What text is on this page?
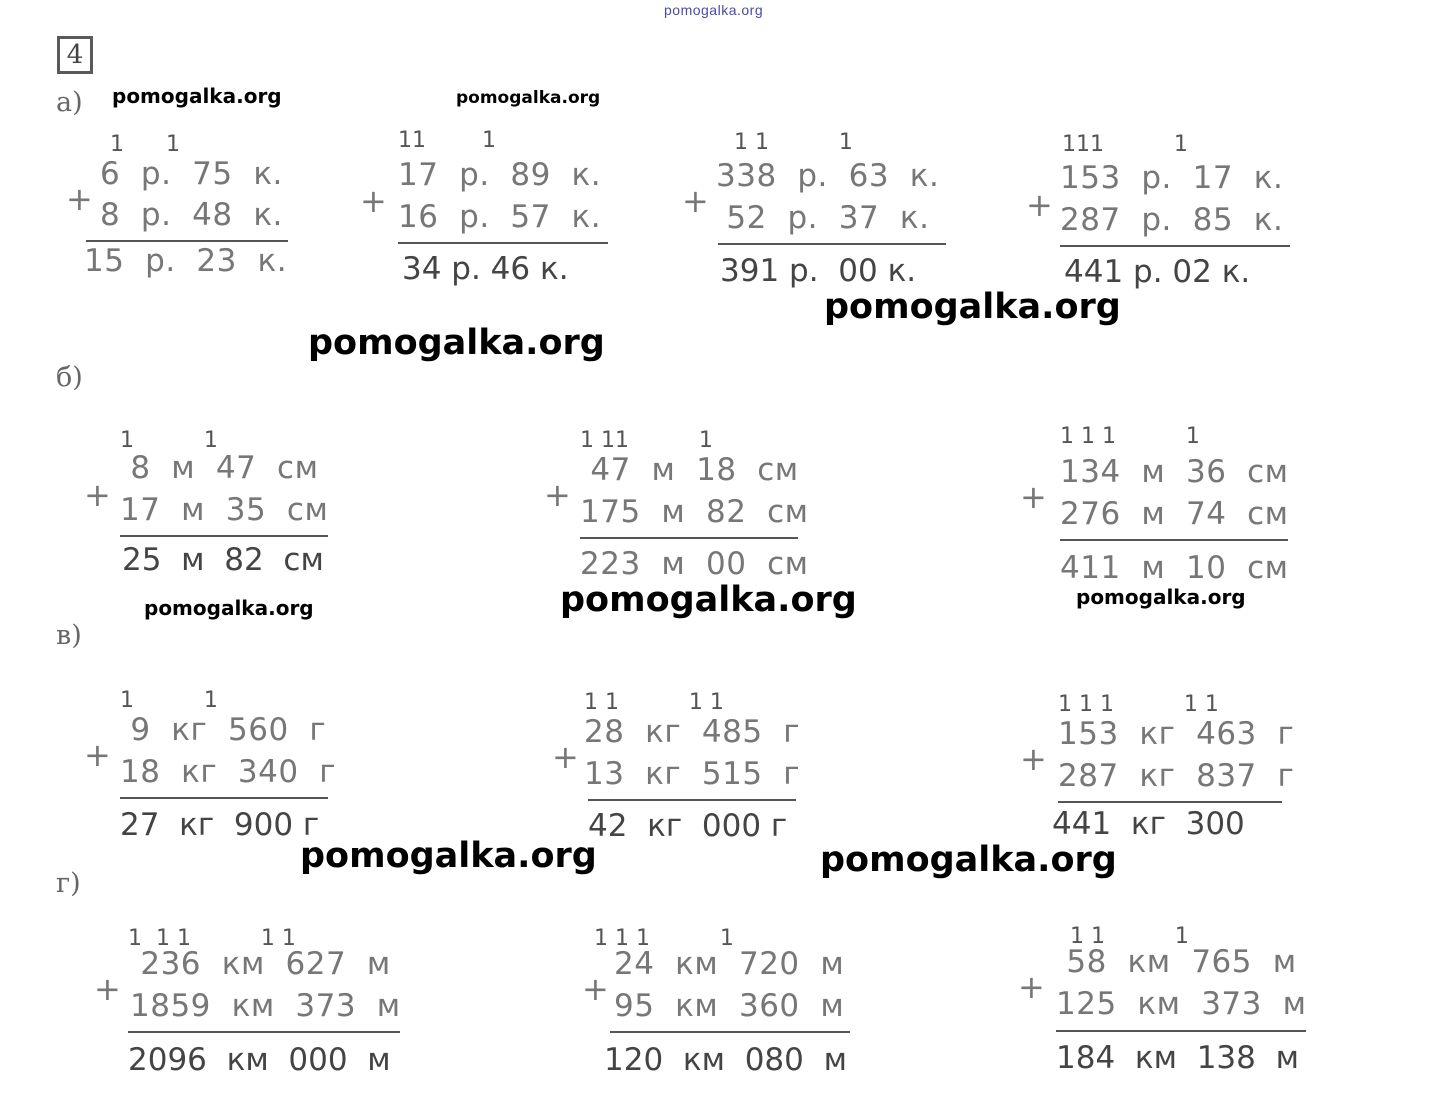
pomogalka.org
4
pomogalka.org	pomogalka.org
pomogalka.org
pomogalka.org
pomogalka.org
pomogalka.org	pomogalka.org
pomogalka.org	pomogalka.org
а)
б)
в)
г)
1      1
+
6  р.  75  к.
8  р.  48  к.
15  р.  23  к.
11        1
+
17  р.  89  к.
16  р.  57  к.
34 р. 46 к.
1 1          1
+
338  р.  63  к.
52  р.  37  к.
391 р.  00 к.
111          1
+
153  р.  17  к.
287  р.  85  к.
441 р. 02 к.
1          1
+
8  м  47  см
17  м  35  см
25  м  82  см
1 11          1
+
47  м  18  см
175  м  82  см
223  м  00  см
1 1 1          1
+
134  м  36  см
276  м  74  см
411  м  10  см
1          1
+
9  кг  560  г
18  кг  340  г
27  кг  900 г
1 1          1 1
+
28  кг  485  г
13  кг  515  г
42  кг  000 г
1 1 1          1 1
+
153  кг  463  г
287  кг  837  г
441  кг  300
1  1 1          1 1
+
236  км  627  м
1859  км  373  м
2096  км  000  м
1 1 1          1
+
24  км  720  м
95  км  360  м
120  км  080  м
1 1          1
+
58  км  765  м
125  км  373  м
184  км  138  м
